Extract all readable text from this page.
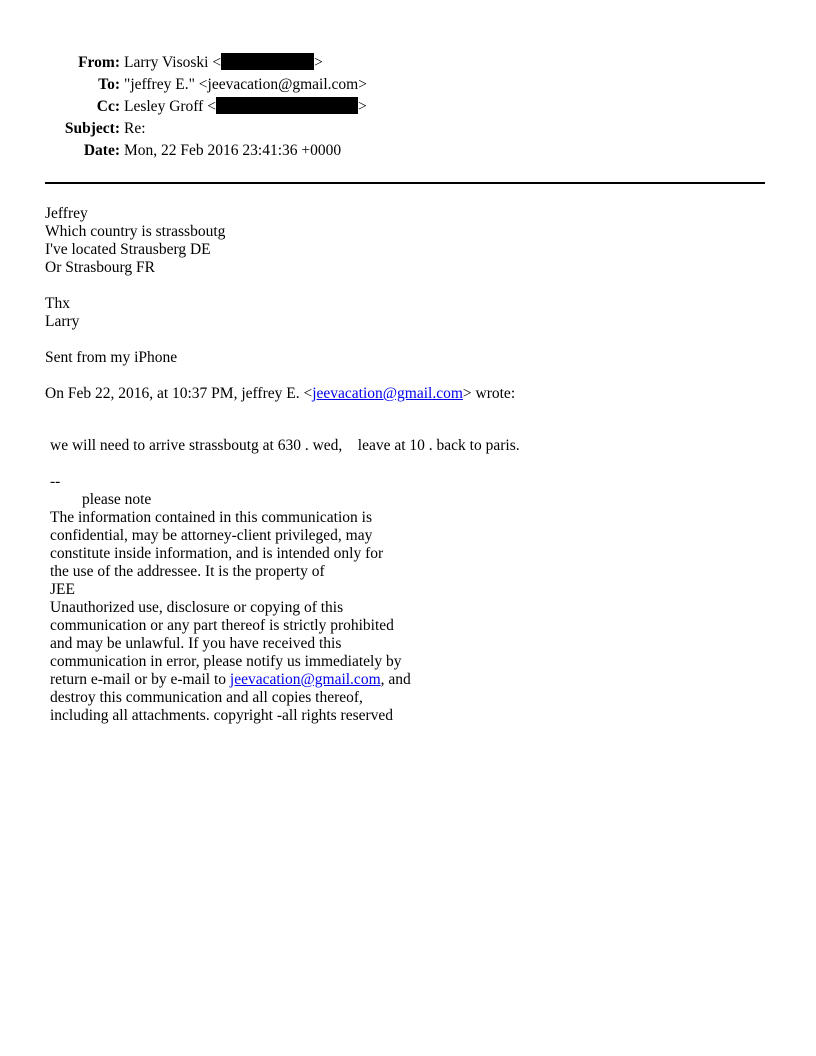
From: Larry Visoski <	>
To: "jeffrey E." <jeevacation@gmail.com>
Cc: Lesley Groff <	>
Subject: Re:
Date: Mon, 22 Feb 2016 23:41:36 +0000
Jeffrey
Which country is strassboutg
I've located Strausberg DE
Or Strasbourg FR
Thx
Larry
Sent from my iPhone
On Feb 22, 2016, at 10:37 PM, jeffrey E. <jeevacation@gmail.com> wrote:
we will need to arrive strassboutg at 630 . wed,    leave at 10 . back to paris.
--
please note
The information contained in this communication is
confidential, may be attorney-client privileged, may
constitute inside information, and is intended only for
the use of the addressee. It is the property of
JEE
Unauthorized use, disclosure or copying of this
communication or any part thereof is strictly prohibited
and may be unlawful. If you have received this
communication in error, please notify us immediately by
return e-mail or by e-mail to jeevacation@gmail.com, and
destroy this communication and all copies thereof,
including all attachments. copyright -all rights reserved
